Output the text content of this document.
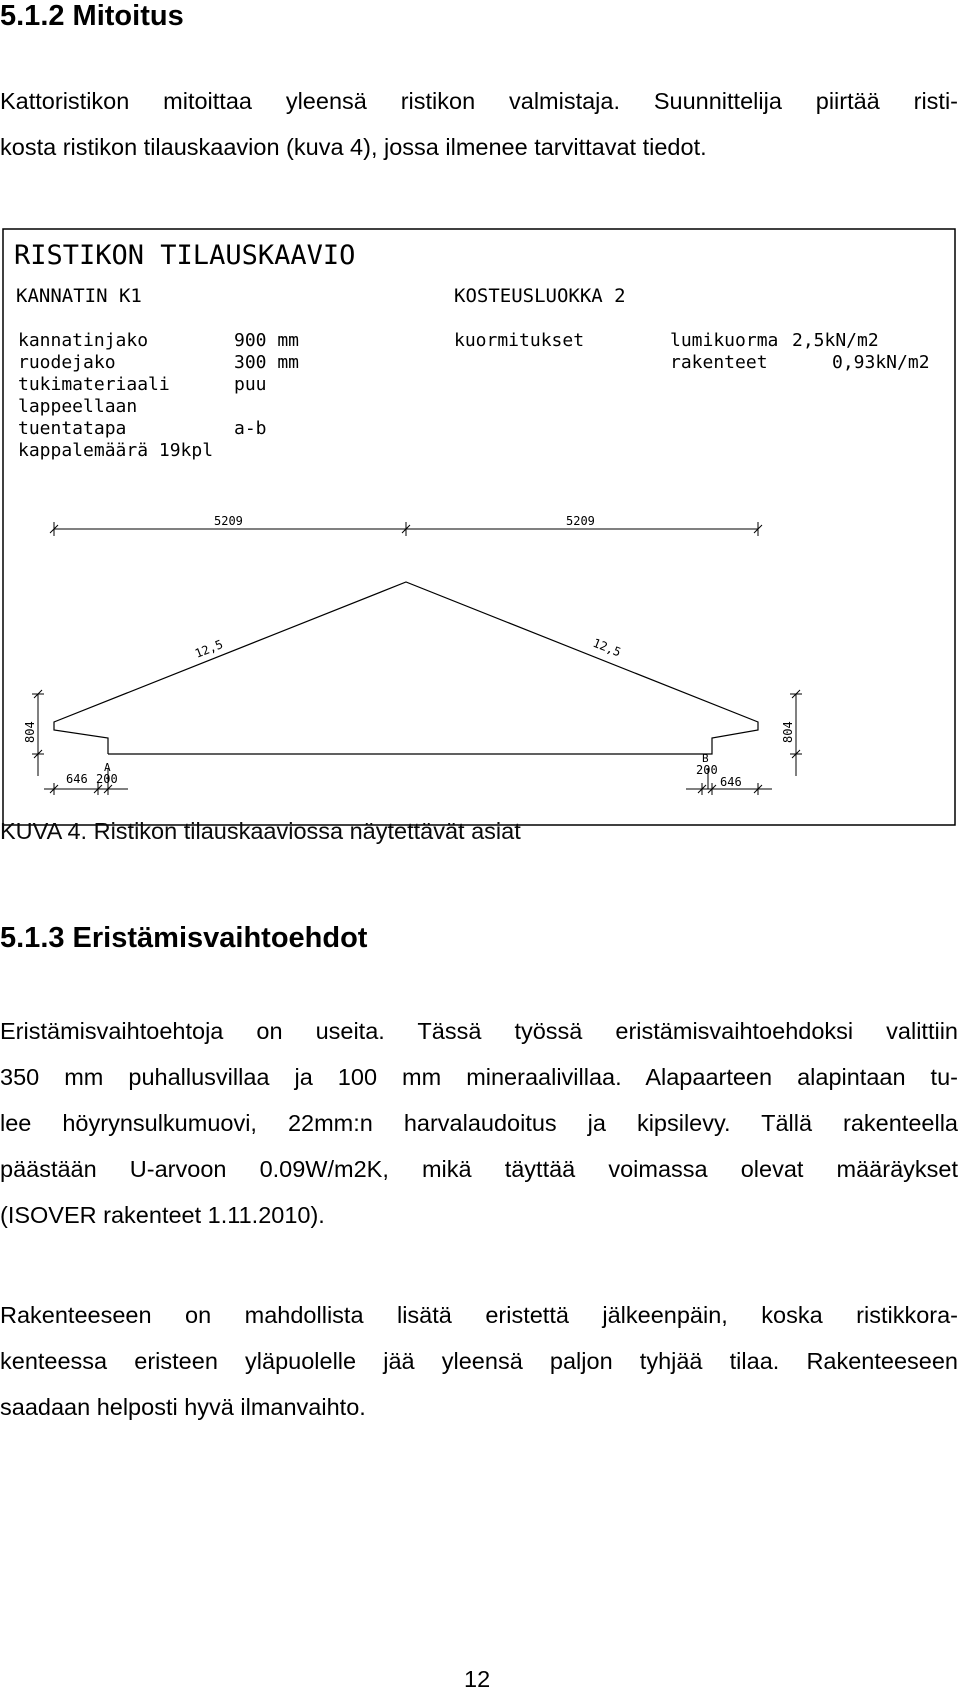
5.1.2 Mitoitus
Kattoristikon mitoittaa yleensä ristikon valmistaja. Suunnittelija piirtää risti-
kosta ristikon tilauskaavion (kuva 4), jossa ilmenee tarvittavat tiedot.
RISTIKON TILAUSKAAVIO
KANNATIN K1	KOSTEUSLUOKKA 2
kannatinjako	900 mm
ruodejako	300 mm
tukimateriaali	puu
lappeellaan
tuentatapa	a-b
kappalemäärä 19kpl
kuormitukset	lumikuorma 2,5kN/m2
rakenteet	0,93kN/m2
5209	5209
12,5	12,5
804	804
646 200
A	200
B
646

KUVA 4. Ristikon tilauskaaviossa näytettävät asiat

5.1.3 Eristämisvaihtoehdot
Eristämisvaihtoehtoja on useita. Tässä työssä eristämisvaihtoehdoksi valittiin
350 mm puhallusvillaa ja 100 mm mineraalivillaa. Alapaarteen alapintaan tu-
lee höyrynsulkumuovi, 22mm:n harvalaudoitus ja kipsilevy. Tällä rakenteella
päästään U-arvoon 0.09W/m2K, mikä täyttää voimassa olevat määräykset
(ISOVER rakenteet 1.11.2010).
Rakenteeseen on mahdollista lisätä eristettä jälkeenpäin, koska ristikkora-
kenteessa eristeen yläpuolelle jää yleensä paljon tyhjää tilaa. Rakenteeseen
saadaan helposti hyvä ilmanvaihto.
12
